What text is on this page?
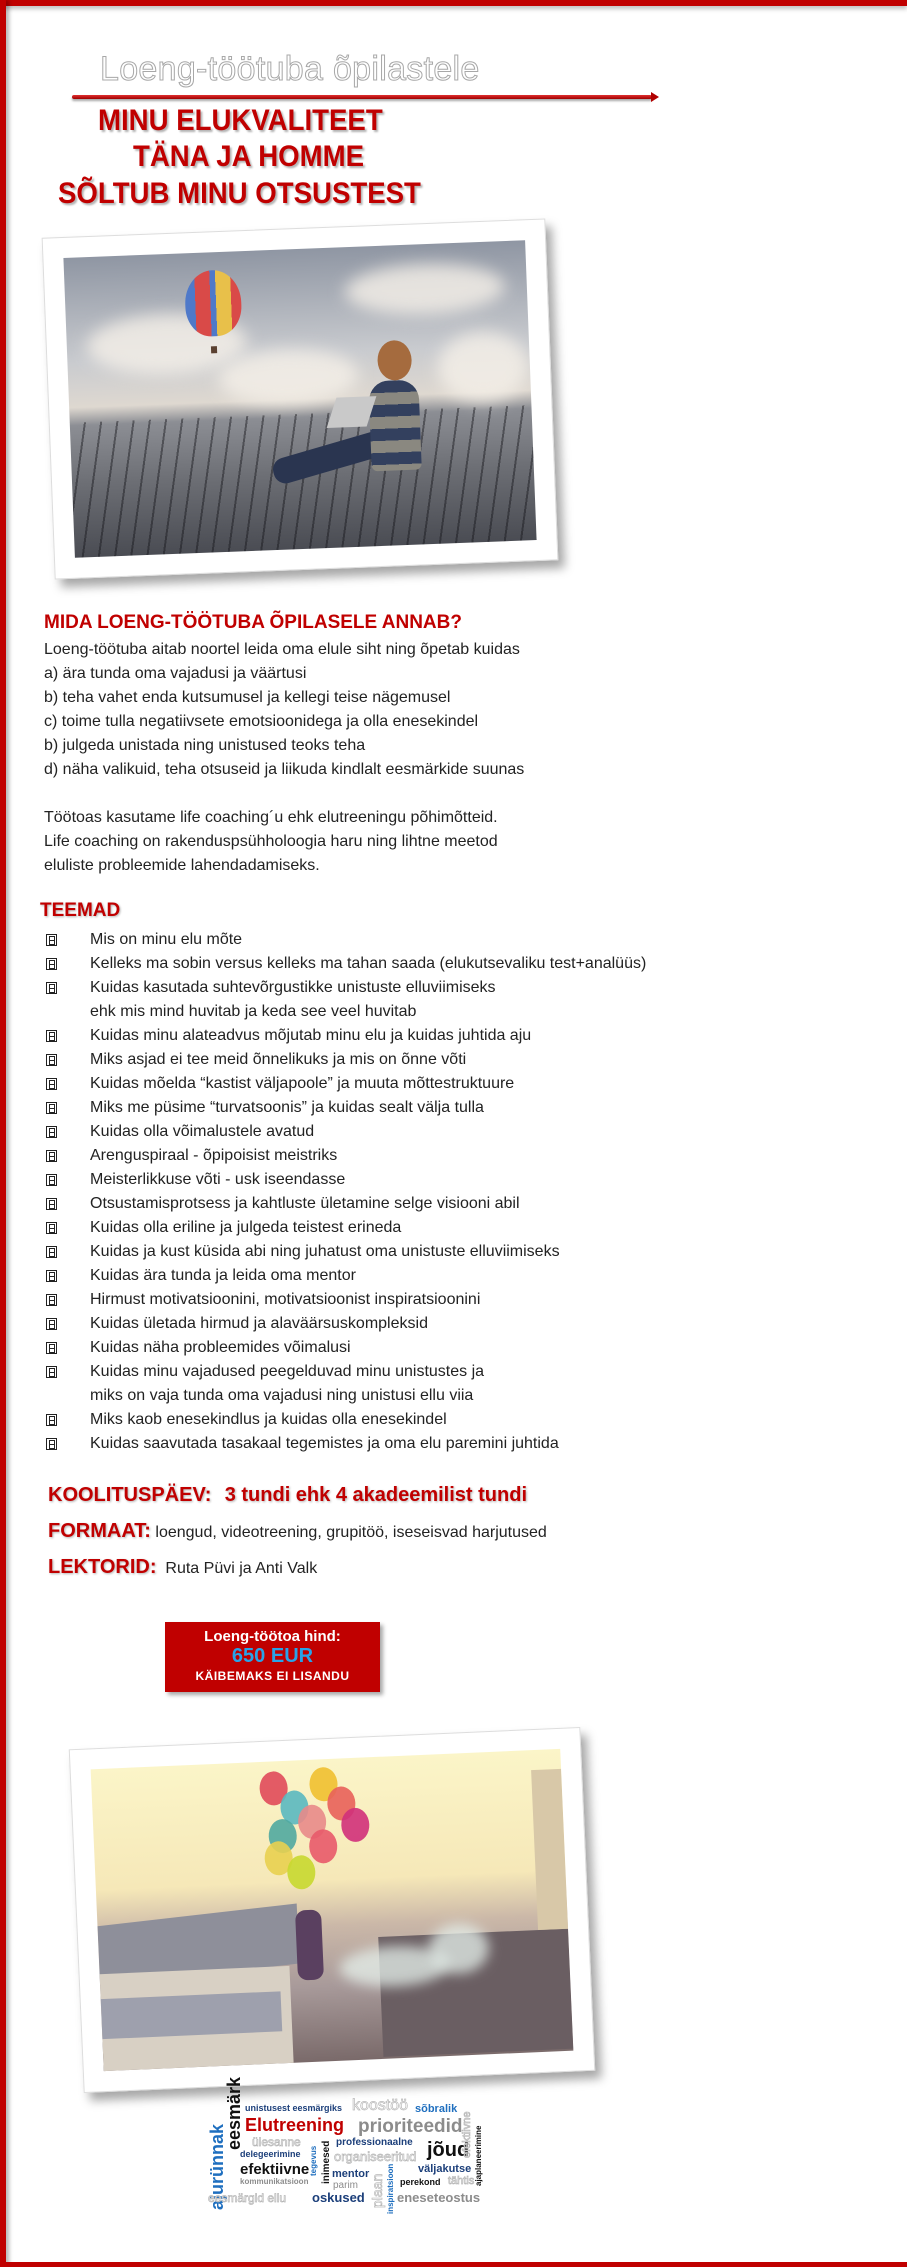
Loeng-töötuba õpilastele
MINU ELUKVALITEET
TÄNA JA HOMME
SÕLTUB MINU OTSUSTEST
MIDA LOENG-TÖÖTUBA ÕPILASELE ANNAB?
Loeng-töötuba aitab noortel leida oma elule siht ning õpetab kuidas
a) ära tunda oma vajadusi ja väärtusi
b) teha vahet enda kutsumusel ja kellegi teise nägemusel
c) toime tulla negatiivsete emotsioonidega ja olla enesekindel
b) julgeda unistada ning unistused teoks teha
d) näha valikuid, teha otsuseid ja liikuda kindlalt eesmärkide suunas
Töötoas kasutame life coaching´u ehk elutreeningu põhimõtteid.
Life coaching on rakenduspsühholoogia haru ning lihtne meetod
eluliste probleemide lahendadamiseks.
TEEMAD
Mis on minu elu mõte
Kelleks ma sobin versus kelleks ma tahan saada (elukutsevaliku test+analüüs)
Kuidas kasutada suhtevõrgustikke unistuste elluviimiseks
ehk mis mind huvitab ja keda see veel huvitab
Kuidas minu alateadvus mõjutab minu elu ja kuidas juhtida aju
Miks asjad ei tee meid õnnelikuks ja mis on õnne võti
Kuidas mõelda “kastist väljapoole” ja muuta mõttestruktuure
Miks me püsime “turvatsoonis” ja kuidas sealt välja tulla
Kuidas olla võimalustele avatud
Arenguspiraal - õpipoisist meistriks
Meisterlikkuse võti - usk iseendasse
Otsustamisprotsess ja kahtluste ületamine selge visiooni abil
Kuidas olla eriline ja julgeda teistest erineda
Kuidas ja kust küsida abi ning juhatust oma unistuste elluviimiseks
Kuidas ära tunda ja leida oma mentor
Hirmust motivatsioonini, motivatsioonist inspiratsioonini
Kuidas ületada hirmud ja alaväärsuskompleksid
Kuidas näha probleemides võimalusi
Kuidas minu vajadused peegelduvad minu unistustes ja
miks on vaja tunda oma vajadusi ning unistusi ellu viia
Miks kaob enesekindlus ja kuidas olla enesekindel
Kuidas saavutada tasakaal tegemistes ja oma elu paremini juhtida
KOOLITUSPÄEV: 3 tundi ehk 4 akadeemilist tundi
FORMAAT: loengud, videotreening, grupitöö, iseseisvad harjutused
LEKTORID: Ruta Püvi ja Anti Valk
Loeng-töötoa hind:
650 EUR
KÄIBEMAKS EI LISANDU
ajurünnak
eesmärk unistusest eesmärgiks koostöö sõbralik
Elutreening prioriteedid
ülesanne
tegevus inimesed professionaalne
delegeerimine	organiseeritud jõud
efektiivne	ajaplaneerimine
efektiivne
mentor plaan
väljakutse
kommunikatsioon parim	inspiratsioon perekond tähtis
eesmärgid ellu oskused eneseteostus
